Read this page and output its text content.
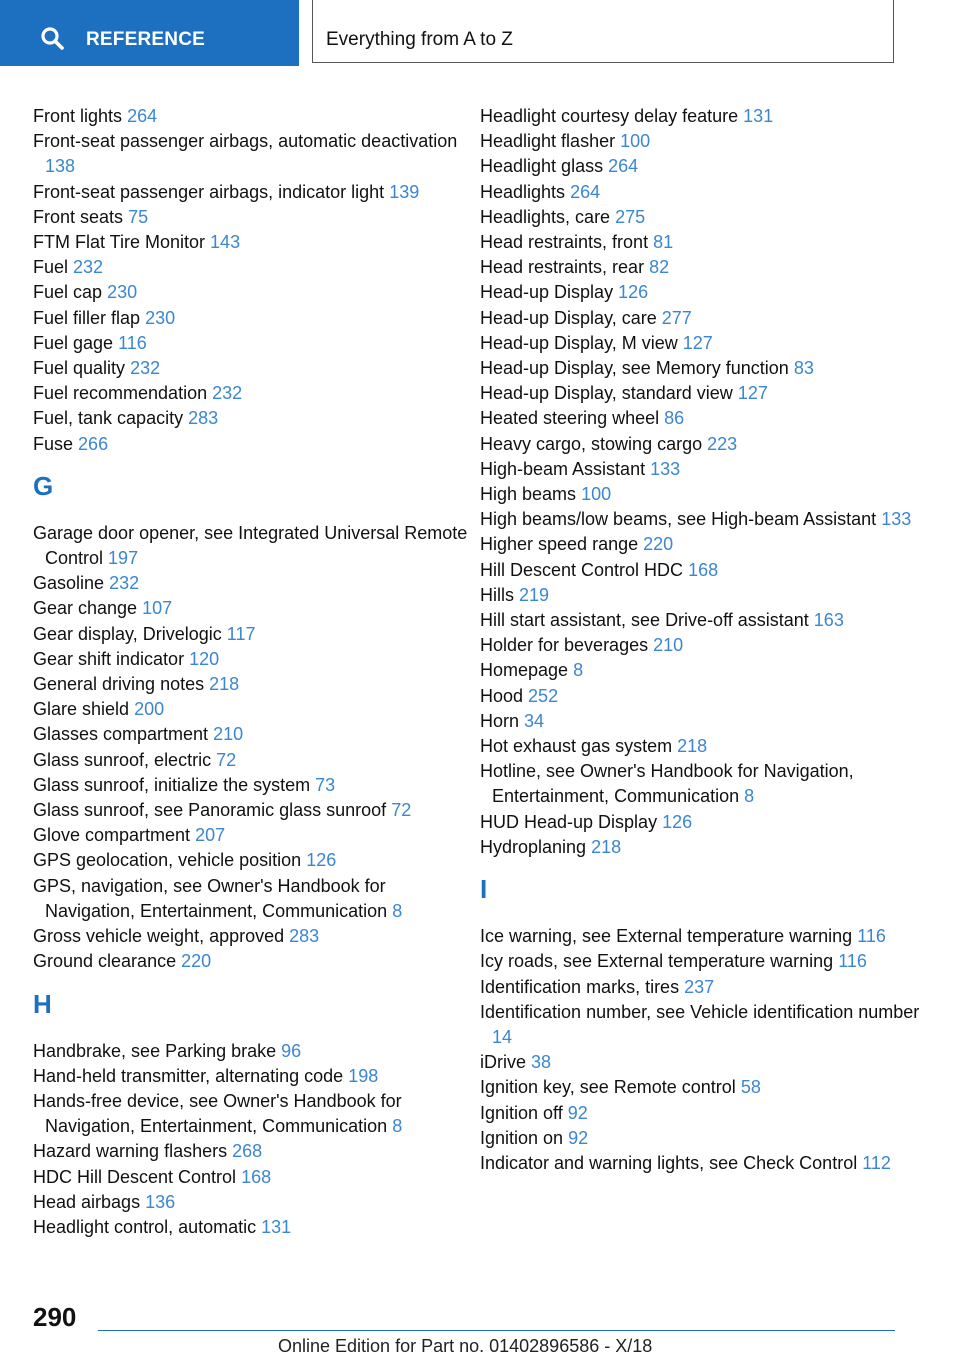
REFERENCE	Everything from A to Z
Front lights 264
Front-seat passenger airbags, automatic deactivation 138
Front-seat passenger airbags, indicator light 139
Front seats 75
FTM Flat Tire Monitor 143
Fuel 232
Fuel cap 230
Fuel filler flap 230
Fuel gage 116
Fuel quality 232
Fuel recommendation 232
Fuel, tank capacity 283
Fuse 266
G
Garage door opener, see Integrated Universal Remote Control 197
Gasoline 232
Gear change 107
Gear display, Drivelogic 117
Gear shift indicator 120
General driving notes 218
Glare shield 200
Glasses compartment 210
Glass sunroof, electric 72
Glass sunroof, initialize the system 73
Glass sunroof, see Panoramic glass sunroof 72
Glove compartment 207
GPS geolocation, vehicle position 126
GPS, navigation, see Owner's Handbook for Navigation, Entertainment, Communication 8
Gross vehicle weight, approved 283
Ground clearance 220
H
Handbrake, see Parking brake 96
Hand-held transmitter, alternating code 198
Hands-free device, see Owner's Handbook for Navigation, Entertainment, Communication 8
Hazard warning flashers 268
HDC Hill Descent Control 168
Head airbags 136
Headlight control, automatic 131
Headlight courtesy delay feature 131
Headlight flasher 100
Headlight glass 264
Headlights 264
Headlights, care 275
Head restraints, front 81
Head restraints, rear 82
Head-up Display 126
Head-up Display, care 277
Head-up Display, M view 127
Head-up Display, see Memory function 83
Head-up Display, standard view 127
Heated steering wheel 86
Heavy cargo, stowing cargo 223
High-beam Assistant 133
High beams 100
High beams/low beams, see High-beam Assistant 133
Higher speed range 220
Hill Descent Control HDC 168
Hills 219
Hill start assistant, see Drive-off assistant 163
Holder for beverages 210
Homepage 8
Hood 252
Horn 34
Hot exhaust gas system 218
Hotline, see Owner's Handbook for Navigation, Entertainment, Communication 8
HUD Head-up Display 126
Hydroplaning 218
I
Ice warning, see External temperature warning 116
Icy roads, see External temperature warning 116
Identification marks, tires 237
Identification number, see Vehicle identification number 14
iDrive 38
Ignition key, see Remote control 58
Ignition off 92
Ignition on 92
Indicator and warning lights, see Check Control 112
290
Online Edition for Part no. 01402896586 - X/18
